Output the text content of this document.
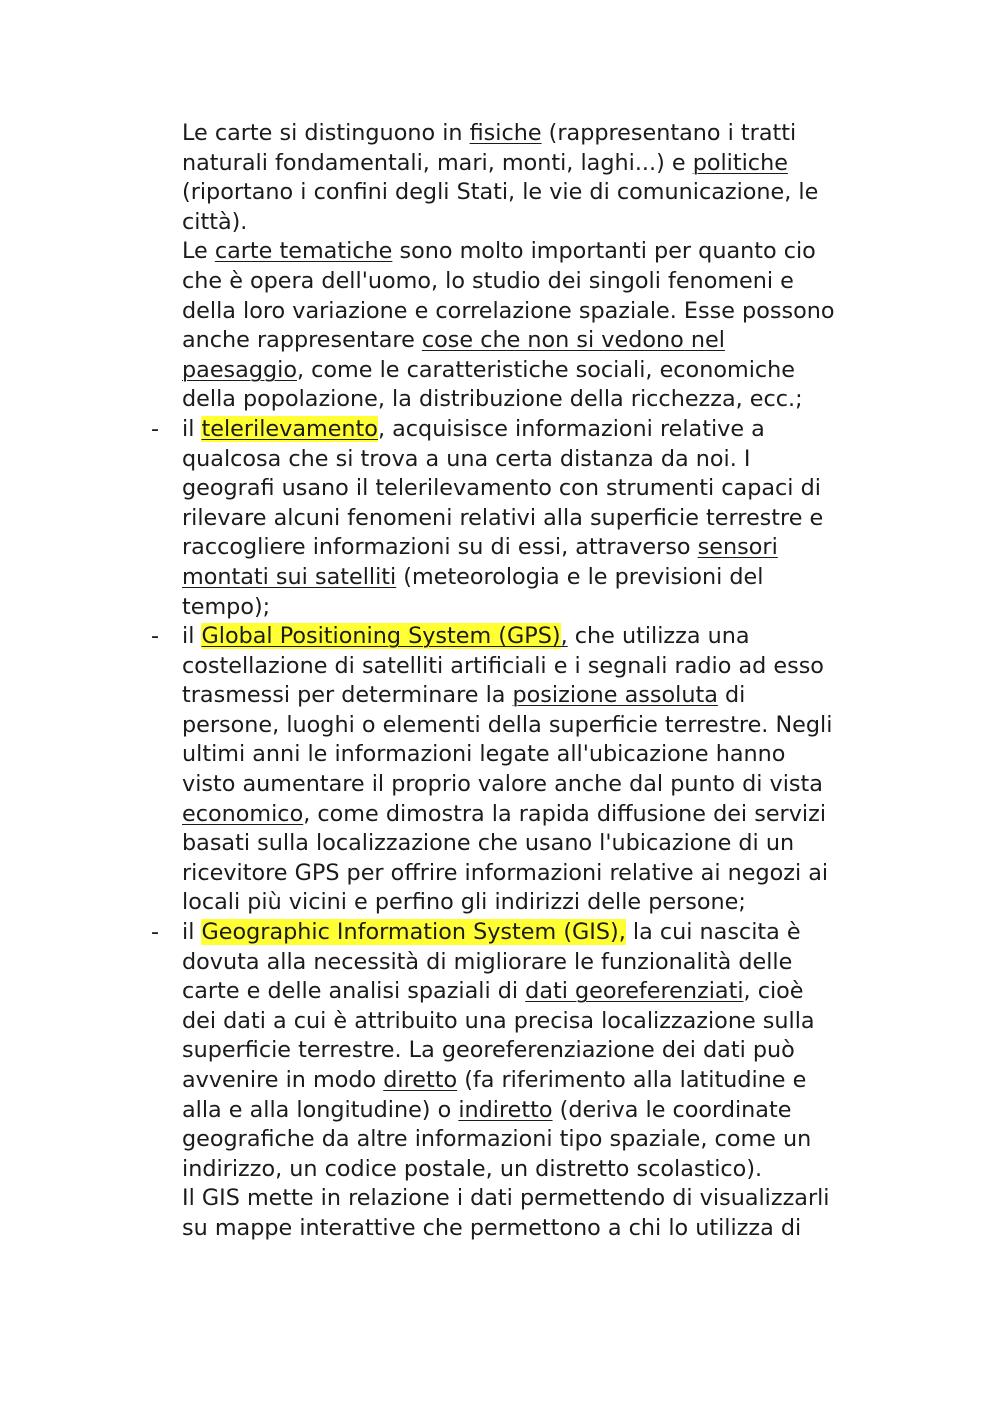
Le carte si distinguono in fisiche (rappresentano i tratti
naturali fondamentali, mari, monti, laghi...) e politiche
(riportano i confini degli Stati, le vie di comunicazione, le
città).

Le carte tematiche sono molto importanti per quanto cio
che è opera dell'uomo, lo studio dei singoli fenomeni e
della loro variazione e correlazione spaziale. Esse possono
anche rappresentare cose che non si vedono nel
paesaggio, come le caratteristiche sociali, economiche
della popolazione, la distribuzione della ricchezza, ecc.;

- il telerilevamento, acquisisce informazioni relative a
qualcosa che si trova a una certa distanza da noi. I
geografi usano il telerilevamento con strumenti capaci di
rilevare alcuni fenomeni relativi alla superficie terrestre e
raccogliere informazioni su di essi, attraverso sensori
montati sui satelliti (meteorologia e le previsioni del
tempo);
- il Global Positioning System (GPS), che utilizza una
costellazione di satelliti artificiali e i segnali radio ad esso
trasmessi per determinare la posizione assoluta di
persone, luoghi o elementi della superficie terrestre. Negli
ultimi anni le informazioni legate all'ubicazione hanno
visto aumentare il proprio valore anche dal punto di vista
economico, come dimostra la rapida diffusione dei servizi
basati sulla localizzazione che usano l'ubicazione di un
ricevitore GPS per offrire informazioni relative ai negozi ai
locali più vicini e perfino gli indirizzi delle persone;
- il Geographic Information System (GIS), la cui nascita è
dovuta alla necessità di migliorare le funzionalità delle
carte e delle analisi spaziali di dati georeferenziati, cioè
dei dati a cui è attribuito una precisa localizzazione sulla
superficie terrestre. La georeferenziazione dei dati può
avvenire in modo diretto (fa riferimento alla latitudine e
alla e alla longitudine) o indiretto (deriva le coordinate
geografiche da altre informazioni tipo spaziale, come un
indirizzo, un codice postale, un distretto scolastico).

Il GIS mette in relazione i dati permettendo di visualizzarli
su mappe interattive che permettono a chi lo utilizza di
